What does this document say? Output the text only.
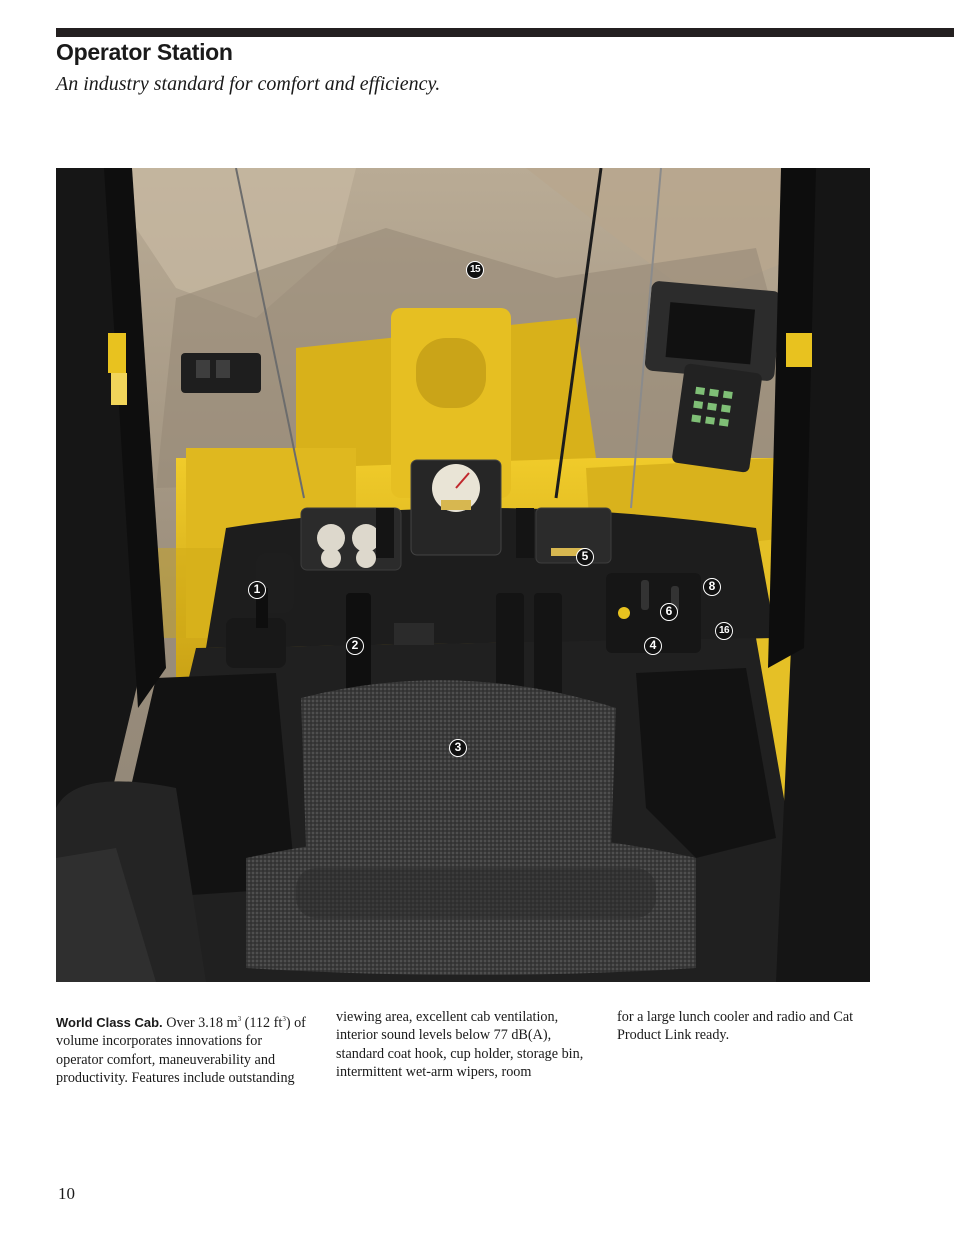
Operator Station

An industry standard for comfort and efficiency.

15
5
1	8
6
16
2	4
3

World Class Cab. Over 3.18 $m^3$ (112 $ft^3$) of volume incorporates innovations for operator comfort, maneuverability and productivity. Features include outstanding

viewing area, excellent cab ventilation, interior sound levels below 77 dB(A), standard coat hook, cup holder, storage bin, intermittent wet-arm wipers, room

for a large lunch cooler and radio and Cat Product Link ready.

10
